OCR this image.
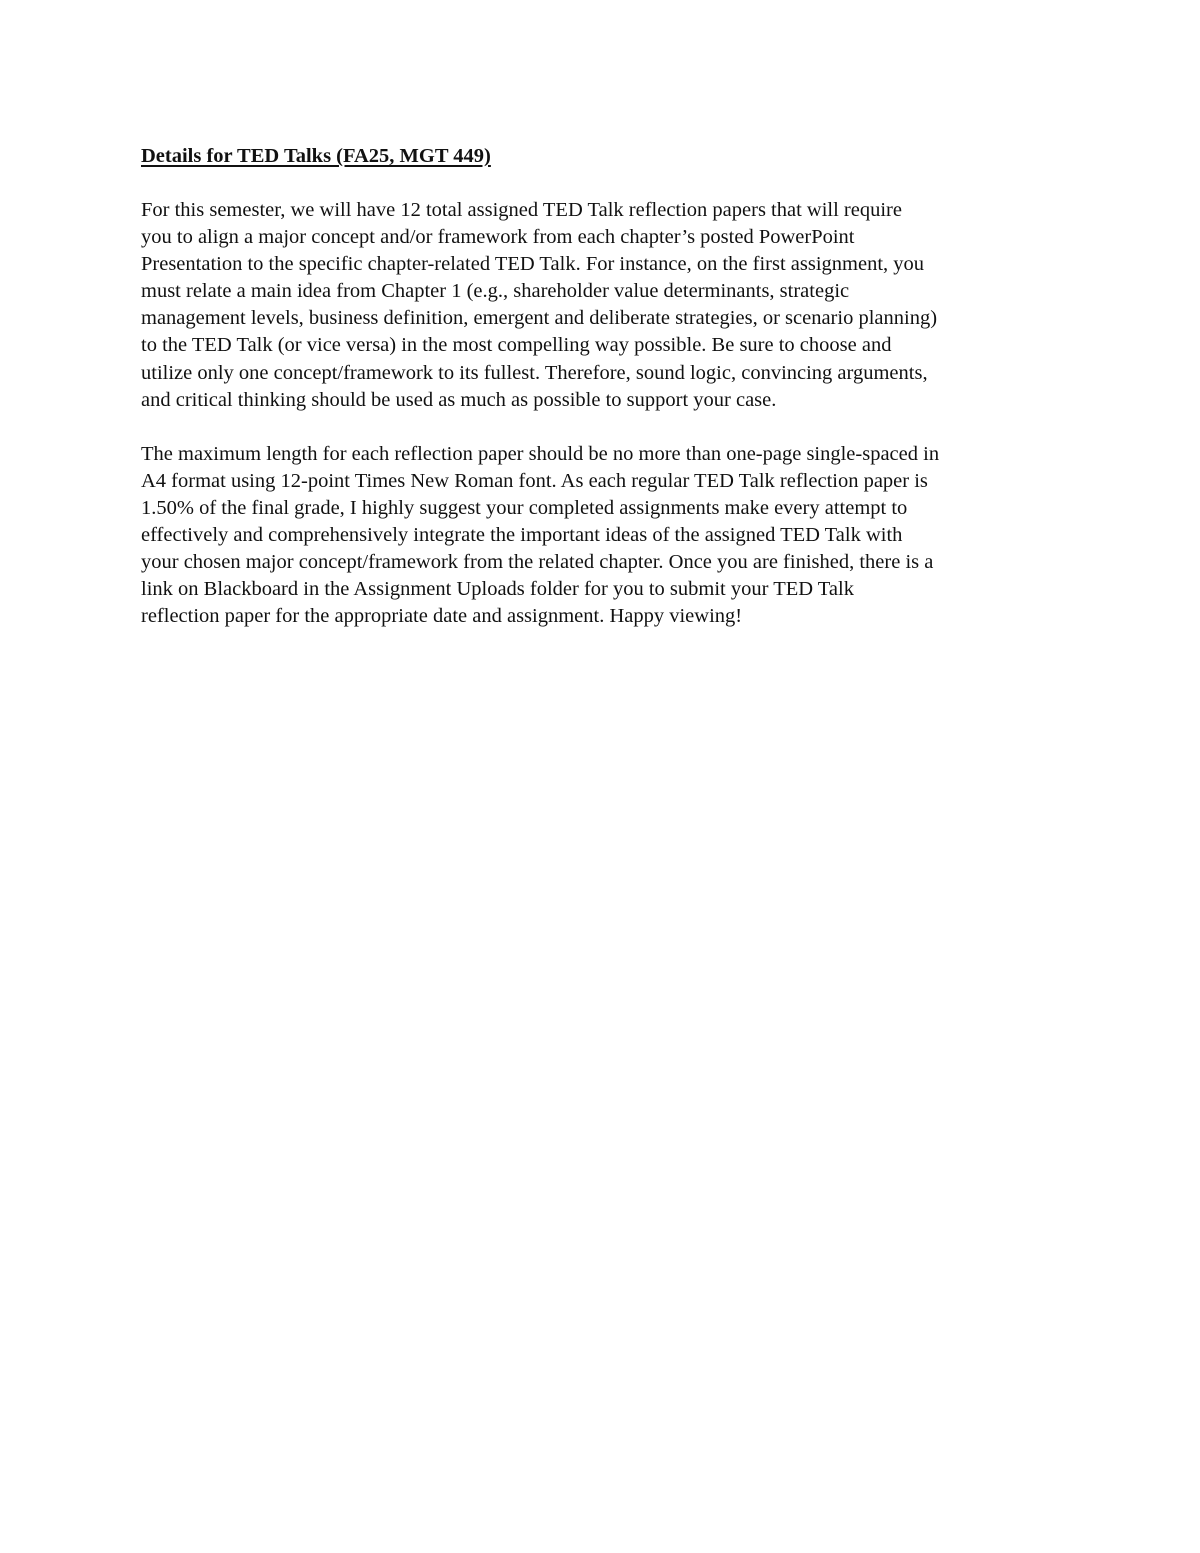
Details for TED Talks (FA25, MGT 449)
For this semester, we will have 12 total assigned TED Talk reflection papers that will require
you to align a major concept and/or framework from each chapter’s posted PowerPoint
Presentation to the specific chapter-related TED Talk. For instance, on the first assignment, you
must relate a main idea from Chapter 1 (e.g., shareholder value determinants, strategic
management levels, business definition, emergent and deliberate strategies, or scenario planning)
to the TED Talk (or vice versa) in the most compelling way possible. Be sure to choose and
utilize only one concept/framework to its fullest. Therefore, sound logic, convincing arguments,
and critical thinking should be used as much as possible to support your case.
The maximum length for each reflection paper should be no more than one-page single-spaced in
A4 format using 12-point Times New Roman font. As each regular TED Talk reflection paper is
1.50% of the final grade, I highly suggest your completed assignments make every attempt to
effectively and comprehensively integrate the important ideas of the assigned TED Talk with
your chosen major concept/framework from the related chapter. Once you are finished, there is a
link on Blackboard in the Assignment Uploads folder for you to submit your TED Talk
reflection paper for the appropriate date and assignment. Happy viewing!
